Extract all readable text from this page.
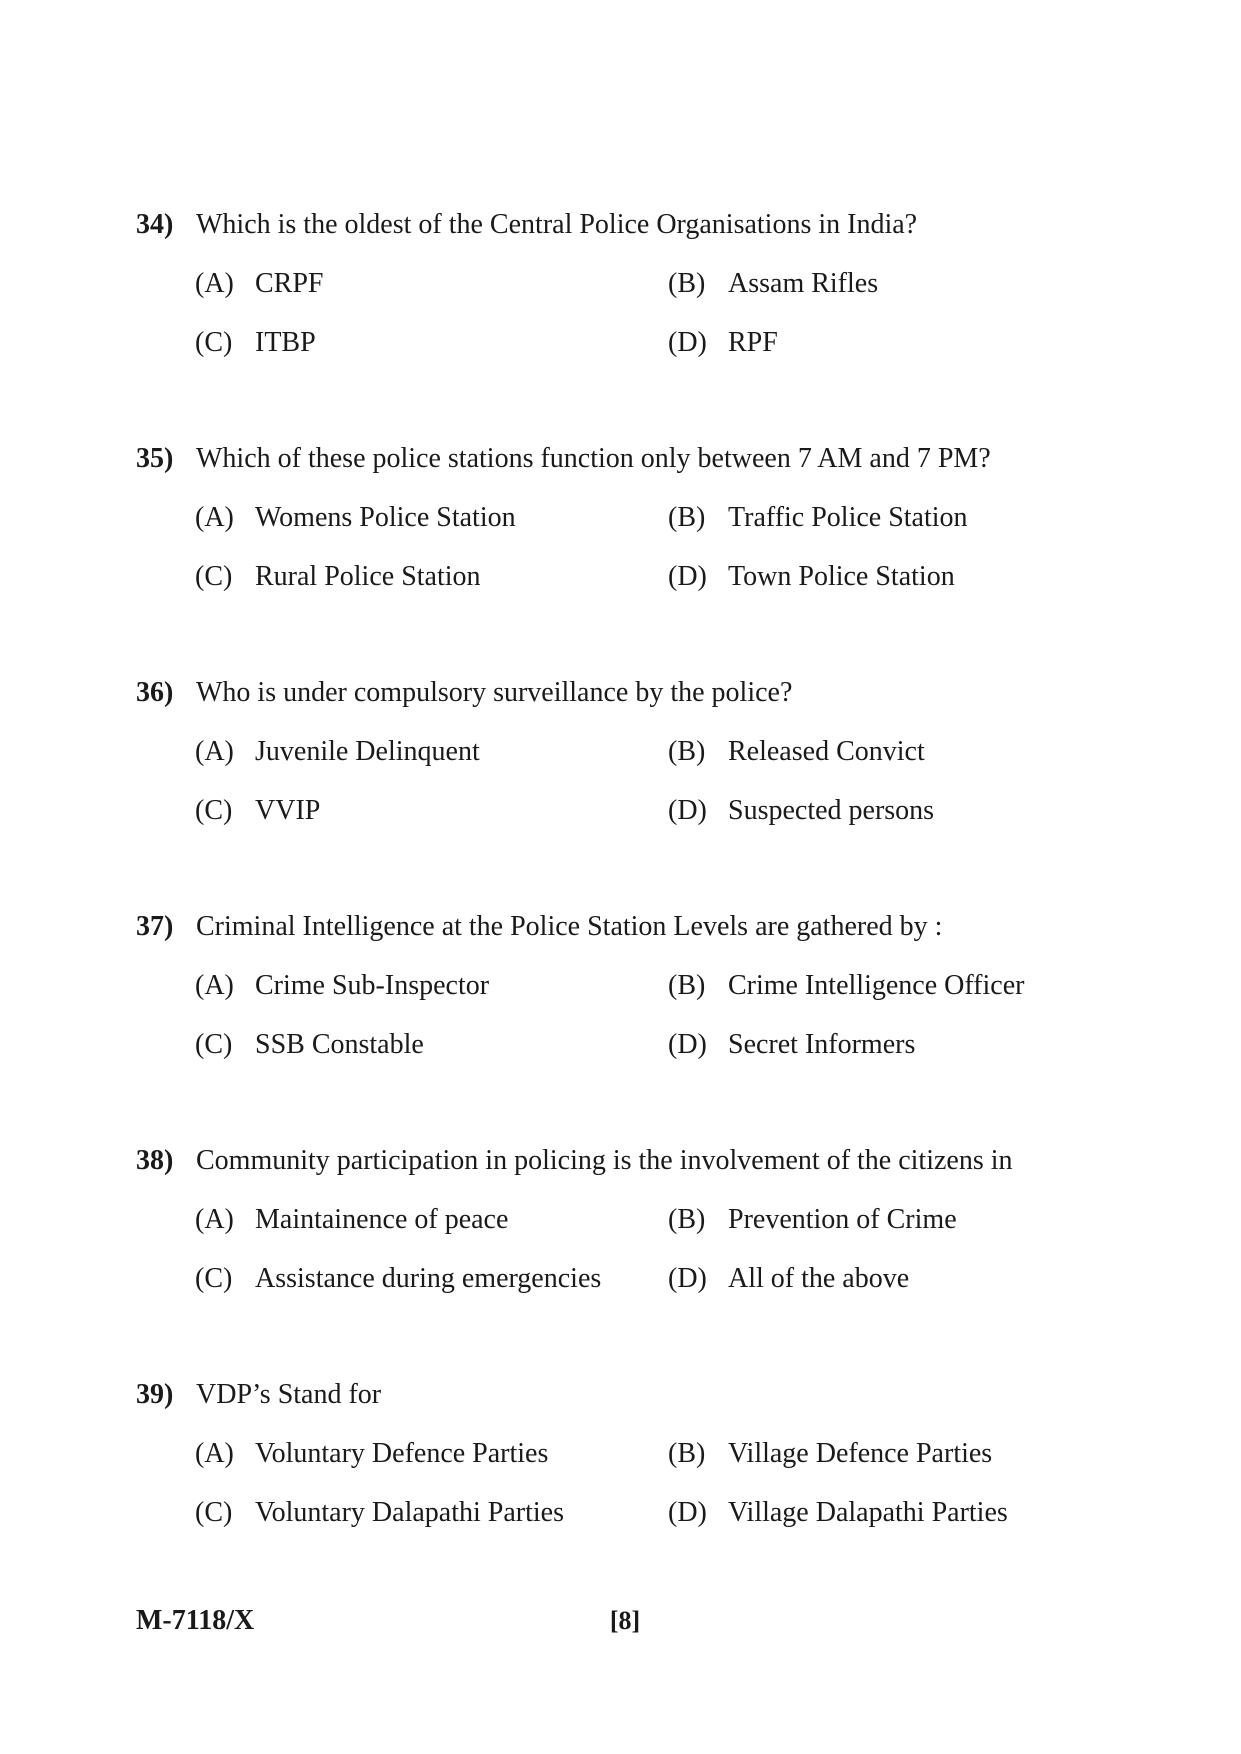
34) Which is the oldest of the Central Police Organisations in India?
(A) CRPF	(B) Assam Rifles
(C) ITBP	(D) RPF
35) Which of these police stations function only between 7 AM and 7 PM?
(A) Womens Police Station	(B) Traffic Police Station
(C) Rural Police Station	(D) Town Police Station
36) Who is under compulsory surveillance by the police?
(A) Juvenile Delinquent	(B) Released Convict
(C) VVIP	(D) Suspected persons
37) Criminal Intelligence at the Police Station Levels are gathered by :
(A) Crime Sub-Inspector	(B) Crime Intelligence Officer
(C) SSB Constable	(D) Secret Informers
38) Community participation in policing is the involvement of the citizens in
(A) Maintainence of peace	(B) Prevention of Crime
(C) Assistance during emergencies (D) All of the above
39) VDP’s Stand for
(A) Voluntary Defence Parties	(B) Village Defence Parties
(C) Voluntary Dalapathi Parties	(D) Village Dalapathi Parties
M-7118/X	[8]
